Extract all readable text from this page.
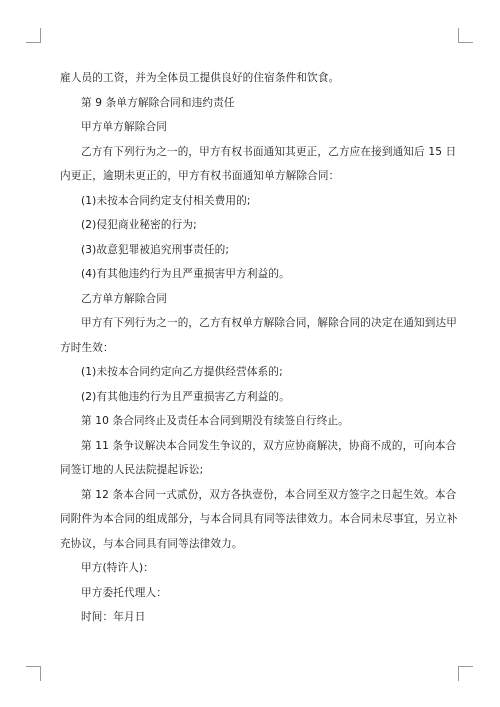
雇人员的工资，并为全体员工提供良好的住宿条件和饮食。

第 9 条单方解除合同和违约责任

甲方单方解除合同

乙方有下列行为之一的，甲方有权书面通知其更正，乙方应在接到通知后 15 日

内更正，逾期未更正的，甲方有权书面通知单方解除合同：

(1)未按本合同约定支付相关费用的;

(2)侵犯商业秘密的行为;

(3)故意犯罪被追究刑事责任的;

(4)有其他违约行为且严重损害甲方利益的。

乙方单方解除合同

甲方有下列行为之一的，乙方有权单方解除合同，解除合同的决定在通知到达甲

方时生效：

(1)未按本合同约定向乙方提供经营体系的;

(2)有其他违约行为且严重损害乙方利益的。

第 10 条合同终止及责任本合同到期没有续签自行终止。

第 11 条争议解决本合同发生争议的，双方应协商解决，协商不成的，可向本合

同签订地的人民法院提起诉讼;

第 12 条本合同一式贰份，双方各执壹份，本合同至双方签字之日起生效。本合

同附件为本合同的组成部分，与本合同具有同等法律效力。本合同未尽事宜，另立补

充协议，与本合同具有同等法律效力。

甲方(特许人)：

甲方委托代理人：

时间：年月日
